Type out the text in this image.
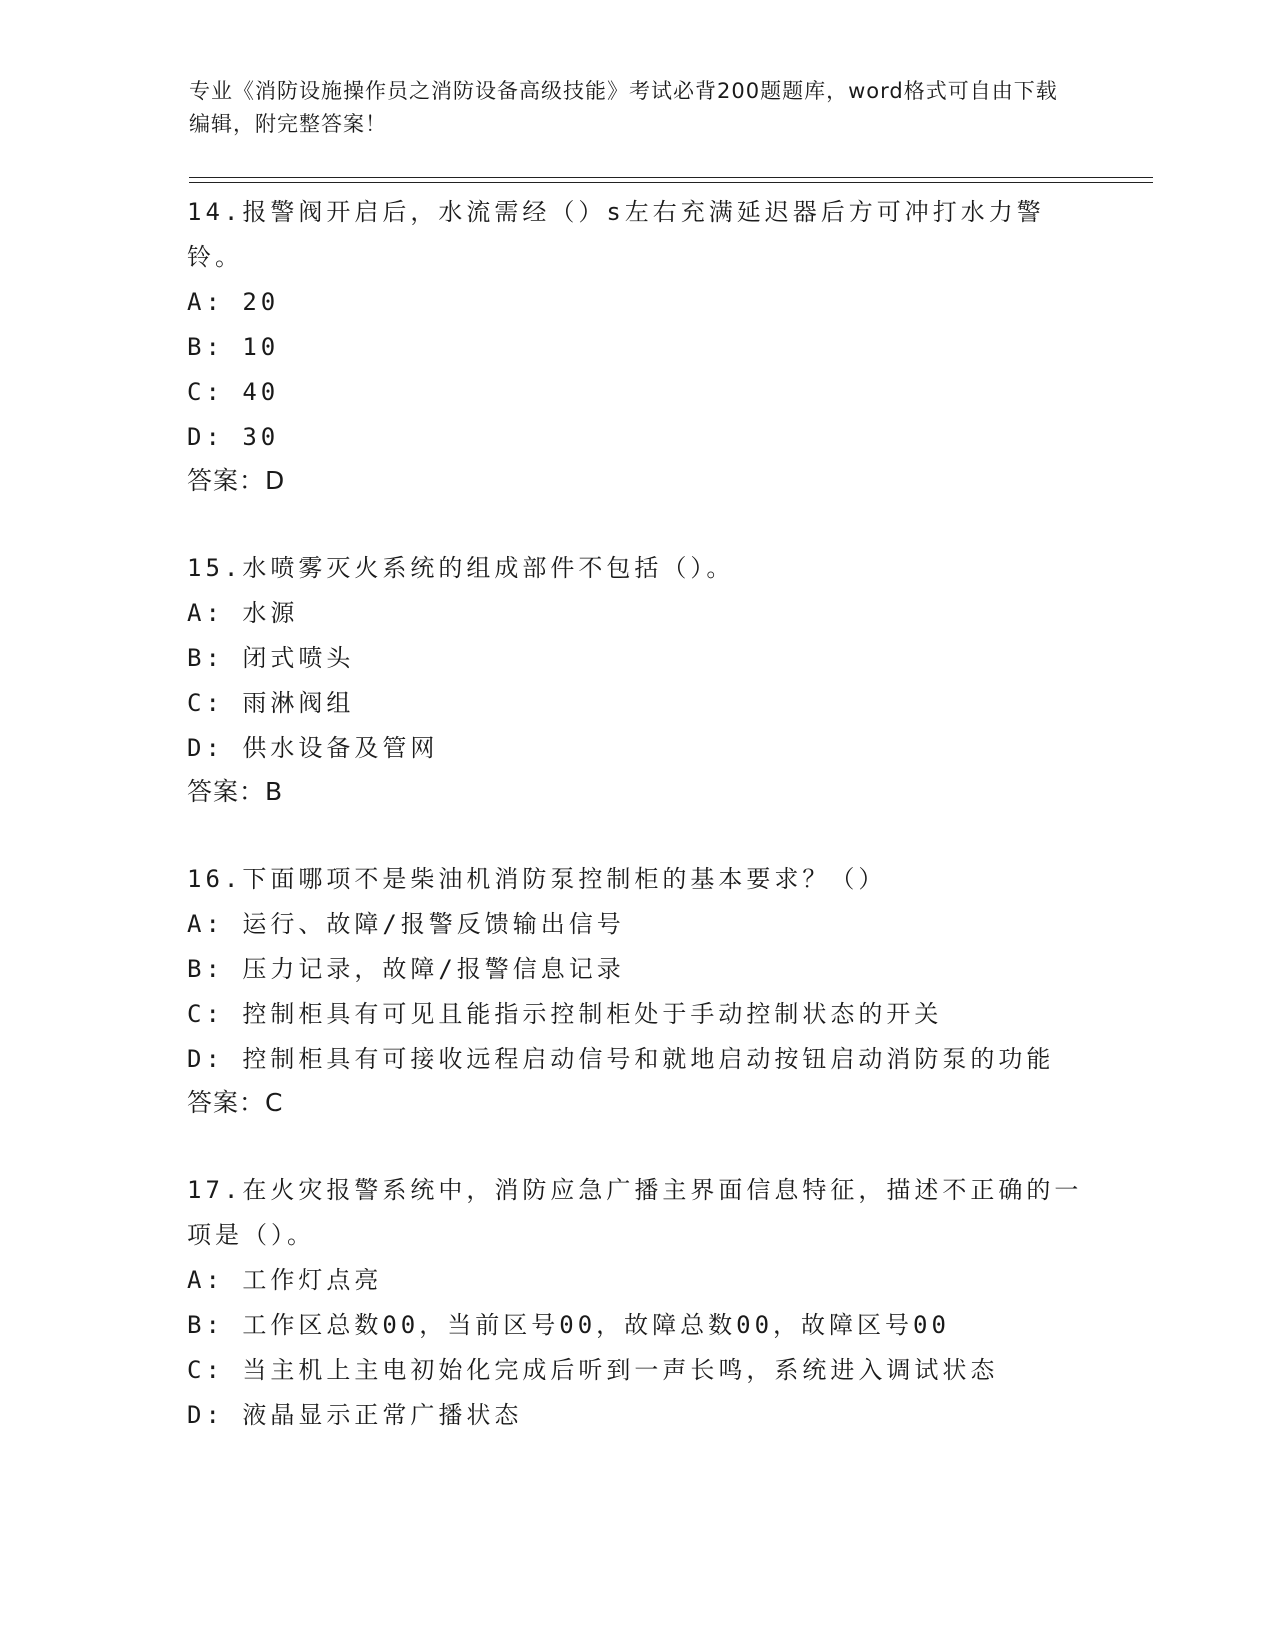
专业《消防设施操作员之消防设备高级技能》考试必背200题题库，word格式可自由下载编辑，附完整答案！

14.报警阀开启后，水流需经（）s左右充满延迟器后方可冲打水力警铃。

A: 20

B: 10

C: 40

D: 30

答案：D

15.水喷雾灭火系统的组成部件不包括（）。

A: 水源

B: 闭式喷头

C: 雨淋阀组

D: 供水设备及管网

答案：B

16.下面哪项不是柴油机消防泵控制柜的基本要求？（）

A: 运行、故障/报警反馈输出信号

B: 压力记录，故障/报警信息记录

C: 控制柜具有可见且能指示控制柜处于手动控制状态的开关

D: 控制柜具有可接收远程启动信号和就地启动按钮启动消防泵的功能

答案：C

17.在火灾报警系统中，消防应急广播主界面信息特征，描述不正确的一项是（）。

A: 工作灯点亮

B: 工作区总数00，当前区号00，故障总数00，故障区号00

C: 当主机上主电初始化完成后听到一声长鸣，系统进入调试状态

D: 液晶显示正常广播状态
